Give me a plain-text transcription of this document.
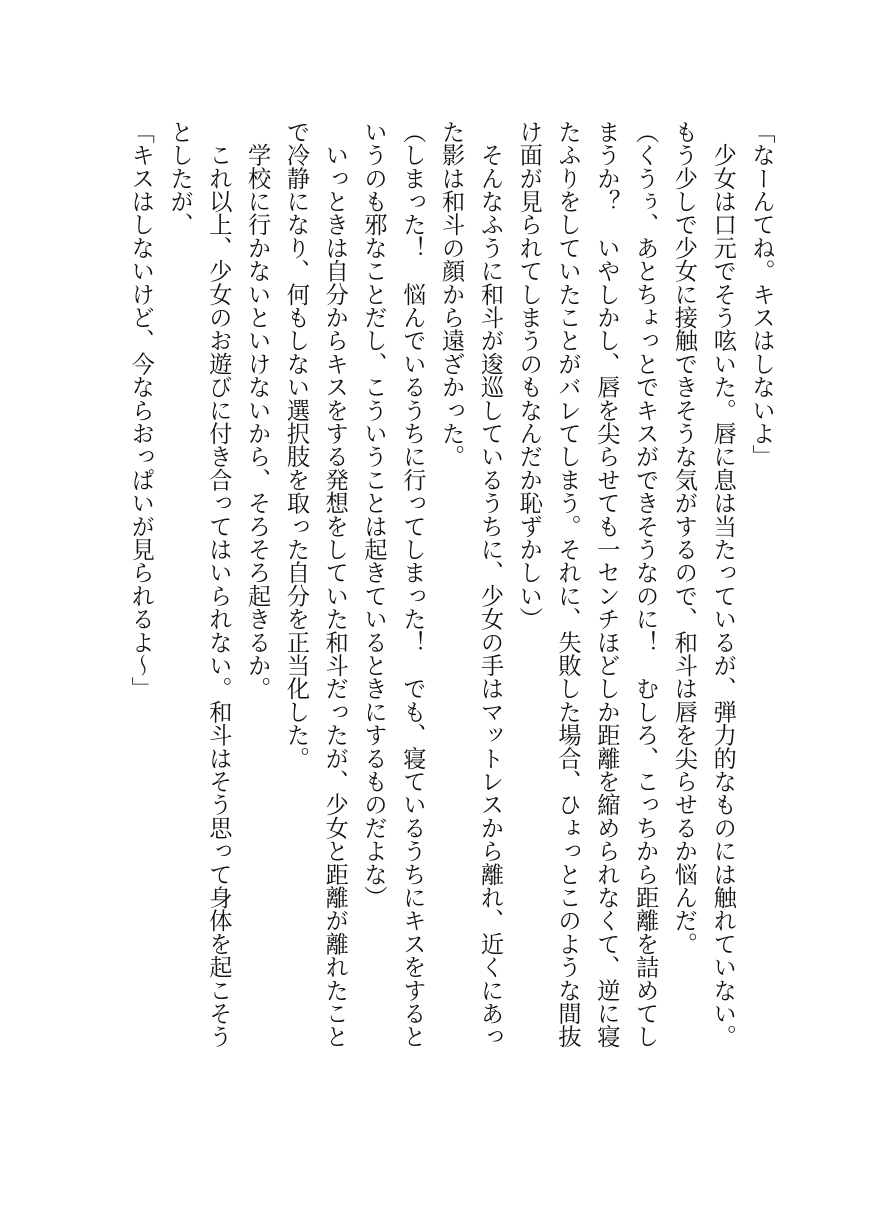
「なーんてね。キスはしないよ」

　少女は口元でそう呟いた。唇に息は当たっているが、弾力的なものには触れていない。

もう少しで少女に接触できそうな気がするので、和斗は唇を尖らせるか悩んだ。

（くうぅ、あとちょっとでキスができそうなのに！　むしろ、こっちから距離を詰めてし

まうか？　いやしかし、唇を尖らせても一センチほどしか距離を縮められなくて、逆に寝

たふりをしていたことがバレてしまう。それに、失敗した場合、ひょっとこのような間抜

け面が見られてしまうのもなんだか恥ずかしい）

　そんなふうに和斗が逡巡しているうちに、少女の手はマットレスから離れ、近くにあっ

た影は和斗の顔から遠ざかった。

（しまった！　悩んでいるうちに行ってしまった！　でも、寝ているうちにキスをすると

いうのも邪なことだし、こういうことは起きているときにするものだよな）

　いっときは自分からキスをする発想をしていた和斗だったが、少女と距離が離れたこと

で冷静になり、何もしない選択肢を取った自分を正当化した。

　学校に行かないといけないから、そろそろ起きるか。

　これ以上、少女のお遊びに付き合ってはいられない。和斗はそう思って身体を起こそう

としたが、

「キスはしないけど、今ならおっぱいが見られるよ〜」
